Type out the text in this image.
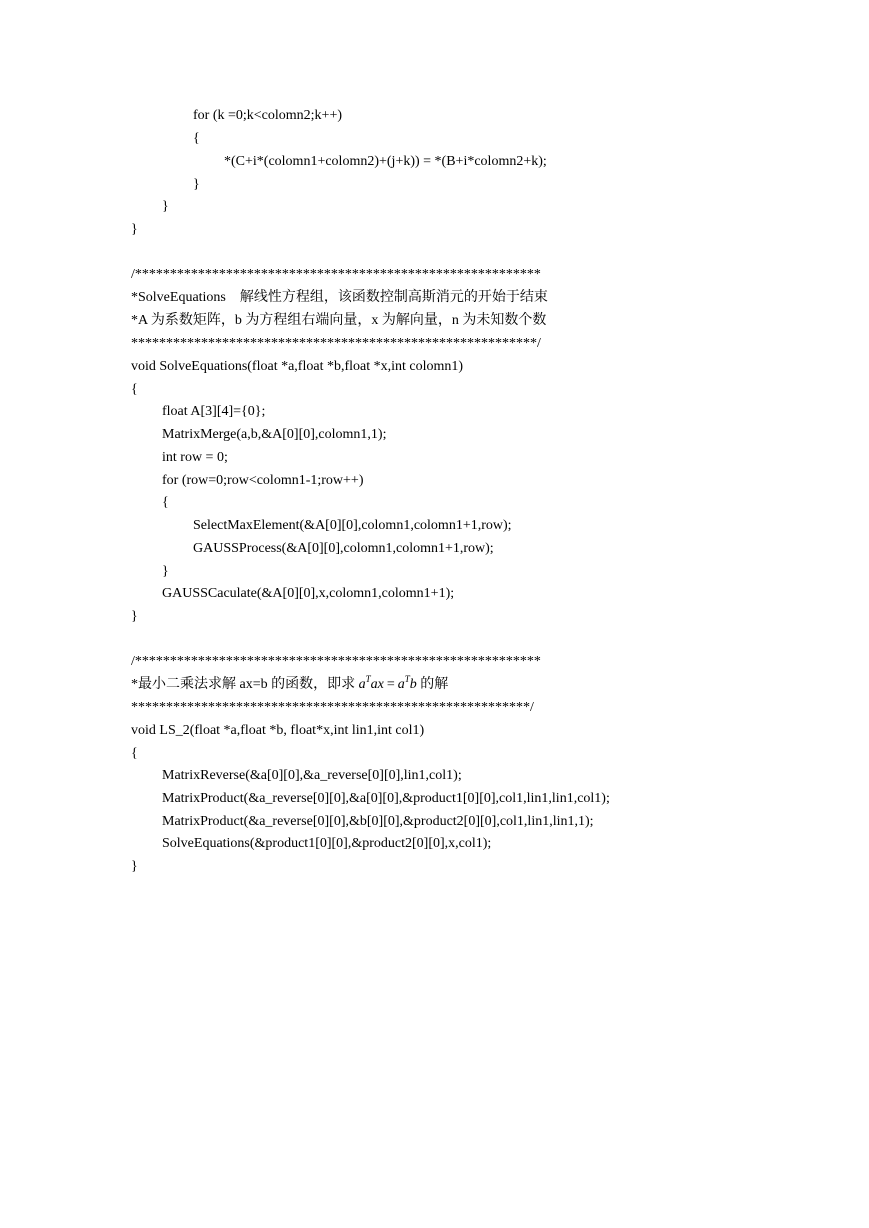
for (k =0;k<colomn2;k++)
{
*(C+i*(colomn1+colomn2)+(j+k)) = *(B+i*colomn2+k);
}
}
}
/**********************************************************
*SolveEquations    解线性方程组，该函数控制高斯消元的开始于结束
*A 为系数矩阵，b 为方程组右端向量，x 为解向量，n 为未知数个数
**********************************************************/
void SolveEquations(float *a,float *b,float *x,int colomn1)
{
float A[3][4]={0};
MatrixMerge(a,b,&A[0][0],colomn1,1);
int row = 0;
for (row=0;row<colomn1-1;row++)
{
SelectMaxElement(&A[0][0],colomn1,colomn1+1,row);
GAUSSProcess(&A[0][0],colomn1,colomn1+1,row);
}
GAUSSCaculate(&A[0][0],x,colomn1,colomn1+1);
}
/**********************************************************
*最小二乘法求解 ax=b 的函数，即求 $a^Tax = a^Tb$ 的解
*********************************************************/
void LS_2(float *a,float *b, float*x,int lin1,int col1)
{
MatrixReverse(&a[0][0],&a_reverse[0][0],lin1,col1);
MatrixProduct(&a_reverse[0][0],&a[0][0],&product1[0][0],col1,lin1,lin1,col1);
MatrixProduct(&a_reverse[0][0],&b[0][0],&product2[0][0],col1,lin1,lin1,1);
SolveEquations(&product1[0][0],&product2[0][0],x,col1);
}
